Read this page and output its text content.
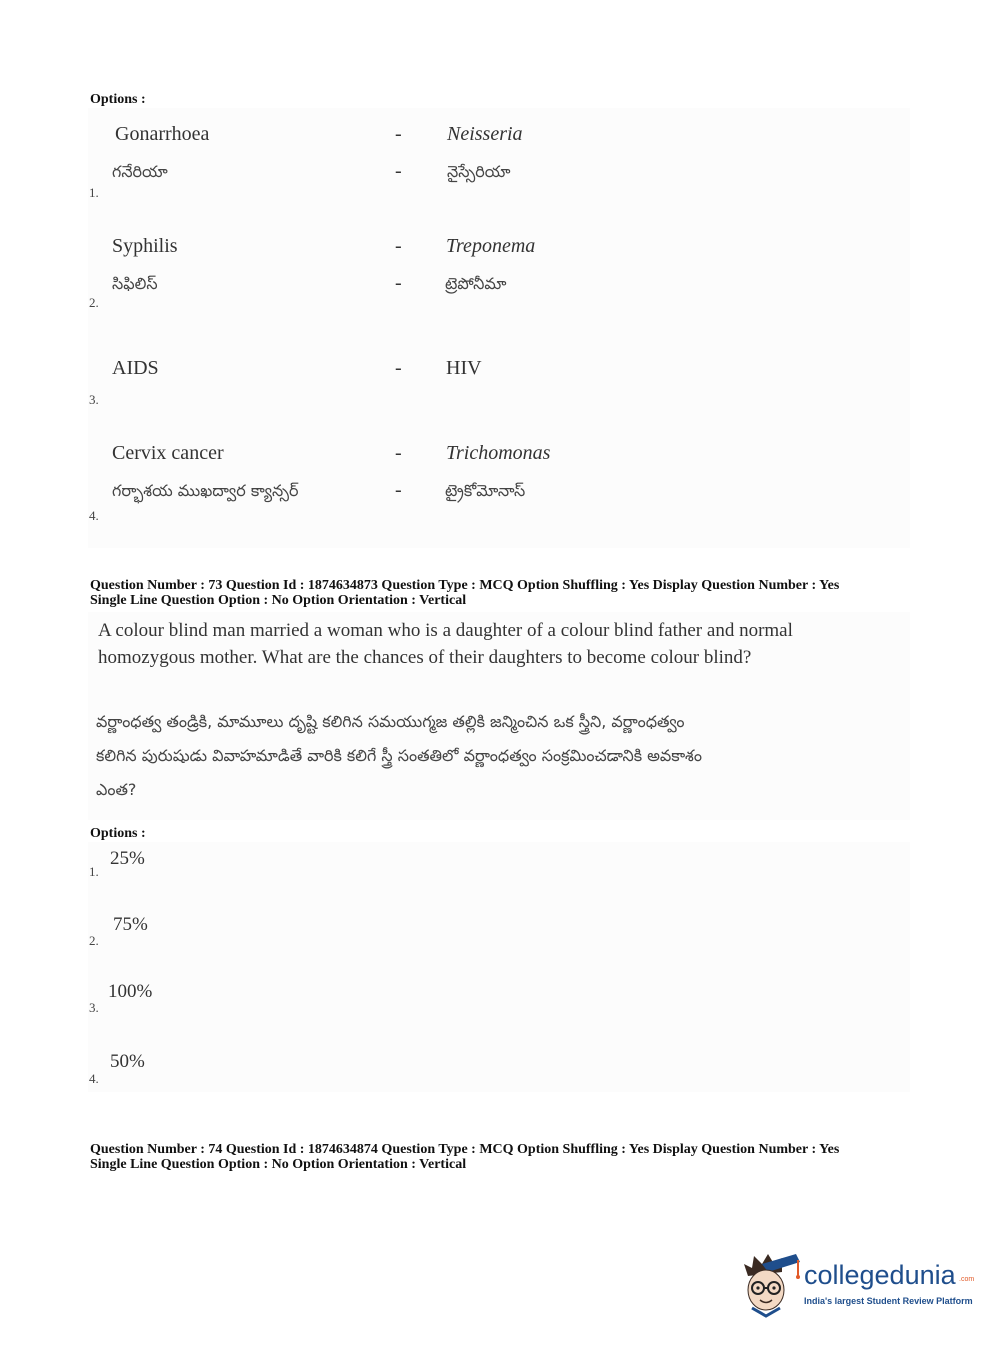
Options :
Gonarrhoea	- Neisseria
గనేరియా	-	నైస్సేరియా
1.
Syphilis	- Treponema
సిఫిలిస్	-	ట్రెపోనీమా
2.
AIDS	- HIV
3.
Cervix cancer	- Trichomonas
గర్భాశయ ముఖద్వార క్యాన్సర్	-	ట్రైకోమోనాస్
4.
Question Number : 73 Question Id : 1874634873 Question Type : MCQ Option Shuffling : Yes Display Question Number : Yes
Single Line Question Option : No Option Orientation : Vertical
A colour blind man married a woman who is a daughter of a colour blind father and normal
homozygous mother. What are the chances of their daughters to become colour blind?
వర్ణాంధత్వ తండ్రికి, మామూలు దృష్టి కలిగిన సమయుగ్మజ తల్లికి జన్మించిన ఒక స్త్రీని, వర్ణాంధత్వం
కలిగిన పురుషుడు వివాహమాడితే వారికి కలిగే స్త్రీ సంతతిలో వర్ణాంధత్వం సంక్రమించడానికి అవకాశం
ఎంత?
Options :
25%
1.
75%
2.
100%
3.
50%
4.
Question Number : 74 Question Id : 1874634874 Question Type : MCQ Option Shuffling : Yes Display Question Number : Yes
Single Line Question Option : No Option Orientation : Vertical
collegedunia .com
India's largest Student Review Platform
